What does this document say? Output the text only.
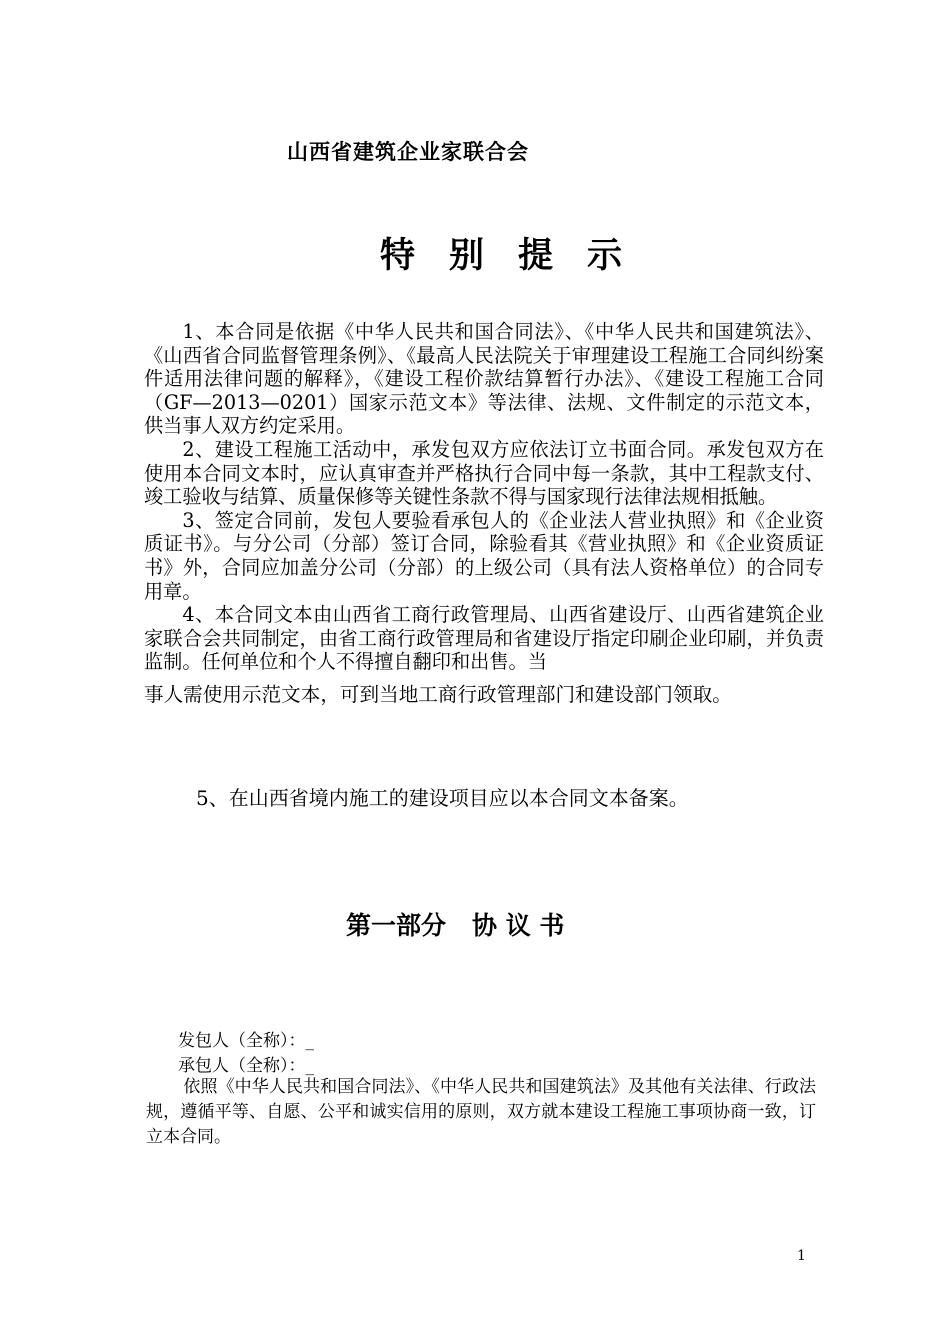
山西省建筑企业家联合会
特别提示

1、本合同是依据《中华人民共和国合同法》、《中华人民共和国建筑法》、《山西省合同监督管理条例》、《最高人民法院关于审理建设工程施工合同纠纷案件适用法律问题的解释》，《建设工程价款结算暂行办法》、《建设工程施工合同（GF—2013—0201）国家示范文本》等法律、法规、文件制定的示范文本，供当事人双方约定采用。

2、建设工程施工活动中，承发包双方应依法订立书面合同。承发包双方在使用本合同文本时，应认真审查并严格执行合同中每一条款，其中工程款支付、竣工验收与结算、质量保修等关键性条款不得与国家现行法律法规相抵触。

3、签定合同前，发包人要验看承包人的《企业法人营业执照》和《企业资质证书》。与分公司（分部）签订合同，除验看其《营业执照》和《企业资质证书》外，合同应加盖分公司（分部）的上级公司（具有法人资格单位）的合同专用章。

4、本合同文本由山西省工商行政管理局、山西省建设厅、山西省建筑企业家联合会共同制定，由省工商行政管理局和省建设厅指定印刷企业印刷，并负责监制。任何单位和个人不得擅自翻印和出售。当
事人需使用示范文本，可到当地工商行政管理部门和建设部门领取。

5、在山西省境内施工的建设项目应以本合同文本备案。
第一部分 协 议 书
发包人（全称）：_
承包人（全称）：_
依照《中华人民共和国合同法》、《中华人民共和国建筑法》及其他有关法律、行政法规，遵循平等、自愿、公平和诚实信用的原则，双方就本建设工程施工事项协商一致，订立本合同。
1
